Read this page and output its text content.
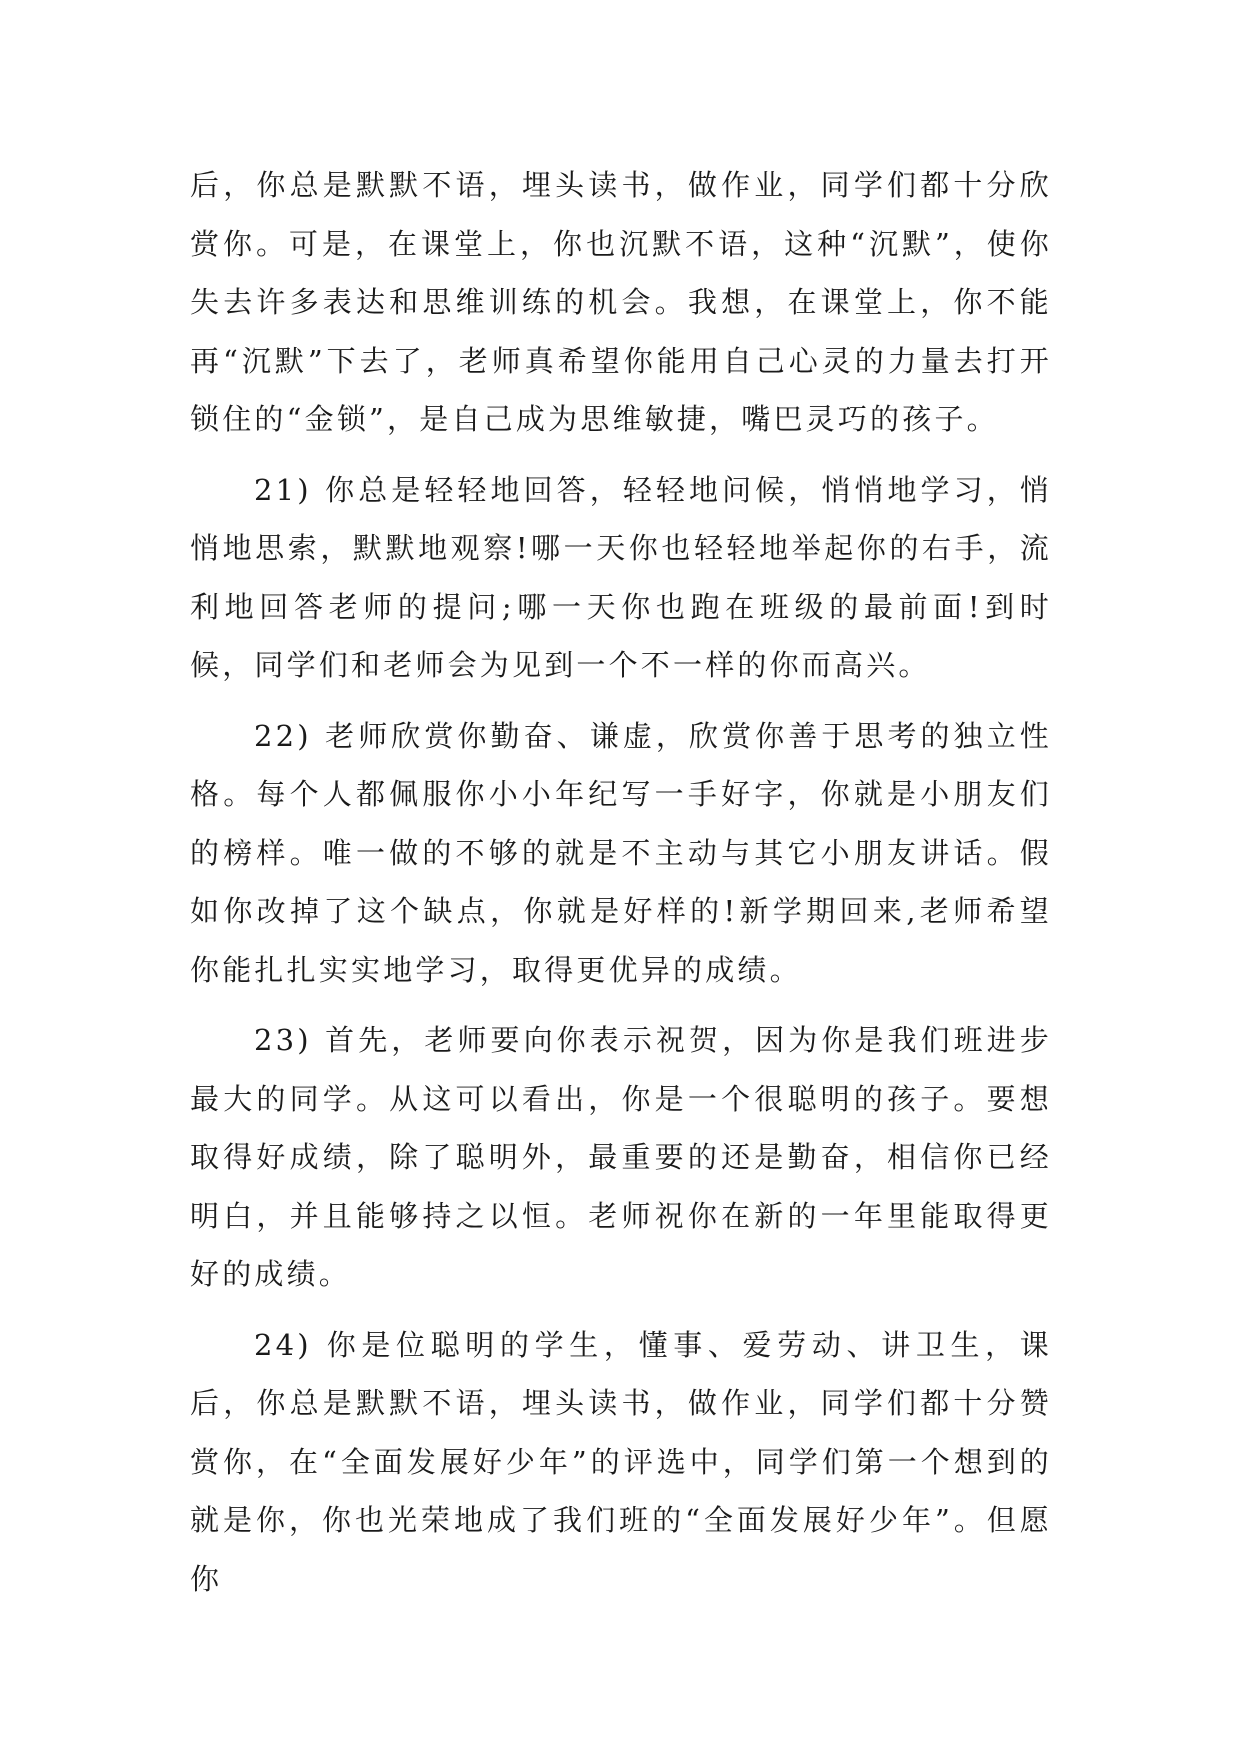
后，你总是默默不语，埋头读书，做作业，同学们都十分欣赏你。可是，在课堂上，你也沉默不语，这种“沉默”，使你失去许多表达和思维训练的机会。我想，在课堂上，你不能再“沉默”下去了，老师真希望你能用自己心灵的力量去打开锁住的“金锁”，是自己成为思维敏捷，嘴巴灵巧的孩子。

21) 你总是轻轻地回答，轻轻地问候，悄悄地学习，悄悄地思索，默默地观察!哪一天你也轻轻地举起你的右手，流利地回答老师的提问;哪一天你也跑在班级的最前面!到时候，同学们和老师会为见到一个不一样的你而高兴。

22) 老师欣赏你勤奋、谦虚，欣赏你善于思考的独立性格。每个人都佩服你小小年纪写一手好字，你就是小朋友们的榜样。唯一做的不够的就是不主动与其它小朋友讲话。假如你改掉了这个缺点，你就是好样的!新学期回来,老师希望你能扎扎实实地学习，取得更优异的成绩。

23) 首先，老师要向你表示祝贺，因为你是我们班进步最大的同学。从这可以看出，你是一个很聪明的孩子。要想取得好成绩，除了聪明外，最重要的还是勤奋，相信你已经明白，并且能够持之以恒。老师祝你在新的一年里能取得更好的成绩。

24) 你是位聪明的学生，懂事、爱劳动、讲卫生，课后，你总是默默不语，埋头读书，做作业，同学们都十分赞赏你，在“全面发展好少年”的评选中，同学们第一个想到的就是你，你也光荣地成了我们班的“全面发展好少年”。但愿你
